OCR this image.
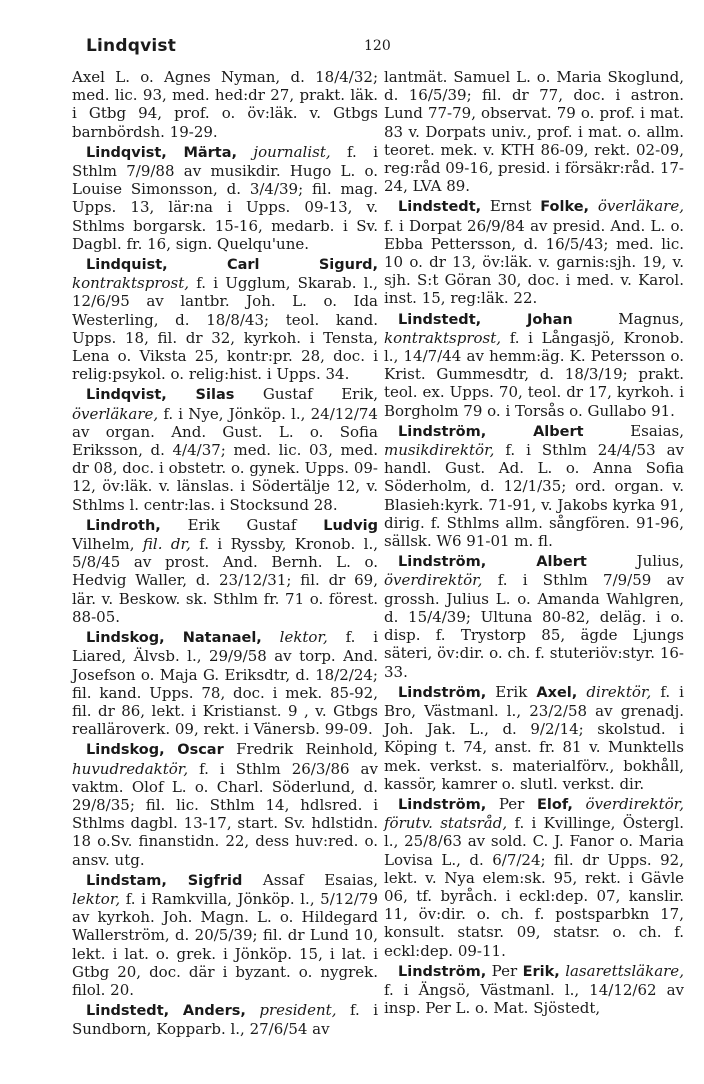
Lindqvist	120
Axel L. o. Agnes Nyman, d. 18/4/32; med. lic. 93, med. hed:dr 27, prakt. läk. i Gtbg 94, prof. o. öv:läk. v. Gtbgs barnbördsh. 19-29.
Lindqvist, Märta, journalist, f. i Sthlm 7/9/88 av musikdir. Hugo L. o. Louise Simonsson, d. 3/4/39; fil. mag. Upps. 13, lär:na i Upps. 09-13, v. Sthlms borgarsk. 15-16, medarb. i Sv. Dagbl. fr. 16, sign. Quelqu'une.
Lindquist, Carl Sigurd, kontraktsprost, f. i Ugglum, Skarab. l., 12/6/95 av lantbr. Joh. L. o. Ida Westerling, d. 18/8/43; teol. kand. Upps. 18, fil. dr 32, kyrkoh. i Tensta, Lena o. Viksta 25, kontr:pr. 28, doc. i relig:psykol. o. relig:hist. i Upps. 34.
Lindqvist, Silas Gustaf Erik, överläkare, f. i Nye, Jönköp. l., 24/12/74 av organ. And. Gust. L. o. Sofia Eriksson, d. 4/4/37; med. lic. 03, med. dr 08, doc. i obstetr. o. gynek. Upps. 09-12, öv:läk. v. länslas. i Södertälje 12, v. Sthlms l. centr:las. i Stocksund 28.
Lindroth, Erik Gustaf Ludvig Vilhelm, fil. dr, f. i Ryssby, Kronob. l., 5/8/45 av prost. And. Bernh. L. o. Hedvig Waller, d. 23/12/31; fil. dr 69, lär. v. Beskow. sk. Sthlm fr. 71 o. förest. 88-05.
Lindskog, Natanael, lektor, f. i Liared, Älvsb. l., 29/9/58 av torp. And. Josefson o. Maja G. Eriksdtr, d. 18/2/24; fil. kand. Upps. 78, doc. i mek. 85-92, fil. dr 86, lekt. i Kristianst. 9 , v. Gtbgs realläroverk. 09, rekt. i Vänersb. 99-09.
Lindskog, Oscar Fredrik Reinhold, huvudredaktör, f. i Sthlm 26/3/86 av vaktm. Olof L. o. Charl. Söderlund, d. 29/8/35; fil. lic. Sthlm 14, hdlsred. i Sthlms dagbl. 13-17, start. Sv. hdlstidn. 18 o.Sv. finanstidn. 22, dess huv:red. o. ansv. utg.
Lindstam, Sigfrid Assaf Esaias, lektor, f. i Ramkvilla, Jönköp. l., 5/12/79 av kyrkoh. Joh. Magn. L. o. Hildegard Wallerström, d. 20/5/39; fil. dr Lund 10, lekt. i lat. o. grek. i Jönköp. 15, i lat. i Gtbg 20, doc. där i byzant. o. nygrek. filol. 20.
Lindstedt, Anders, president, f. i Sundborn, Kopparb. l., 27/6/54 av
lantmät. Samuel L. o. Maria Skoglund, d. 16/5/39; fil. dr 77, doc. i astron. Lund 77-79, observat. 79 o. prof. i mat. 83 v. Dorpats univ., prof. i mat. o. allm. teoret. mek. v. KTH 86-09, rekt. 02-09, reg:råd 09-16, presid. i försäkr:råd. 17-24, LVA 89.
Lindstedt, Ernst Folke, överläkare, f. i Dorpat 26/9/84 av presid. And. L. o. Ebba Pettersson, d. 16/5/43; med. lic. 10 o. dr 13, öv:läk. v. garnis:sjh. 19, v. sjh. S:t Göran 30, doc. i med. v. Karol. inst. 15, reg:läk. 22.
Lindstedt, Johan	Magnus, kontraktsprost, f. i Långasjö, Kronob. l., 14/7/44 av hemm:äg. K. Petersson o. Krist. Gummesdtr, d. 18/3/19; prakt. teol. ex. Upps. 70, teol. dr 17, kyrkoh. i Borgholm 79 o. i Torsås o. Gullabo 91.
Lindström, Albert	Esaias, musikdirektör, f. i Sthlm 24/4/53 av handl. Gust. Ad. L. o. Anna Sofia Söderholm, d. 12/1/35; ord. organ. v. Blasieh:kyrk. 71-91, v. Jakobs kyrka 91, dirig. f. Sthlms allm. sångfören. 91-96, sällsk. W6 91-01 m. fl.
Lindström, Albert	Julius, överdirektör, f. i Sthlm 7/9/59 av grossh. Julius L. o. Amanda Wahlgren, d. 15/4/39; Ultuna 80-82, deläg. i o. disp. f. Trystorp 85, ägde Ljungs säteri, öv:dir. o. ch. f. stuteriöv:styr. 16-33.
Lindström, Erik Axel, direktör, f. i Bro, Västmanl. l., 23/2/58 av grenadj. Joh. Jak. L., d. 9/2/14; skolstud. i Köping t. 74, anst. fr. 81 v. Munktells mek. verkst. s. materialförv., bokhåll, kassör, kamrer o. slutl. verkst. dir.
Lindström, Per Elof, överdirektör, förutv. statsråd, f. i Kvillinge, Östergl. l., 25/8/63 av sold. C. J. Fanor o. Maria Lovisa L., d. 6/7/24; fil. dr Upps. 92, lekt. v. Nya elem:sk. 95, rekt. i Gävle 06, tf. byråch. i eckl:dep. 07, kanslir. 11, öv:dir. o. ch. f. postsparbkn 17, konsult. statsr. 09, statsr. o. ch. f. eckl:dep. 09-11.
Lindström, Per Erik, lasarettsläkare, f. i Ängsö, Västmanl. l., 14/12/62 av insp. Per L. o. Mat. Sjöstedt,
